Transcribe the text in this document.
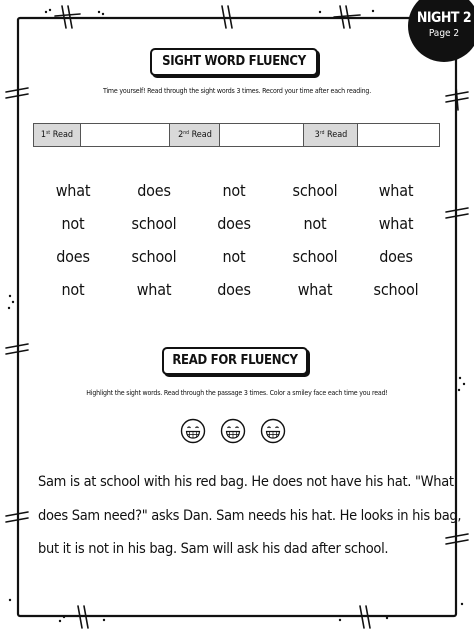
NIGHT 2
Page 2
SIGHT WORD FLUENCY
Time yourself! Read through the sight words 3 times. Record your time after each reading.
1st Read	2nd Read	3rd Read
what	does	not	school	what
not	school	does	not	what
does	school	not	school	does
not	what	does	what	school
READ FOR FLUENCY
Highlight the sight words. Read through the passage 3 times. Color a smiley face each time you read!
Sam is at school with his red bag. He does not have his hat. "What
does Sam need?" asks Dan. Sam needs his hat. He looks in his bag,
but it is not in his bag. Sam will ask his dad after school.
